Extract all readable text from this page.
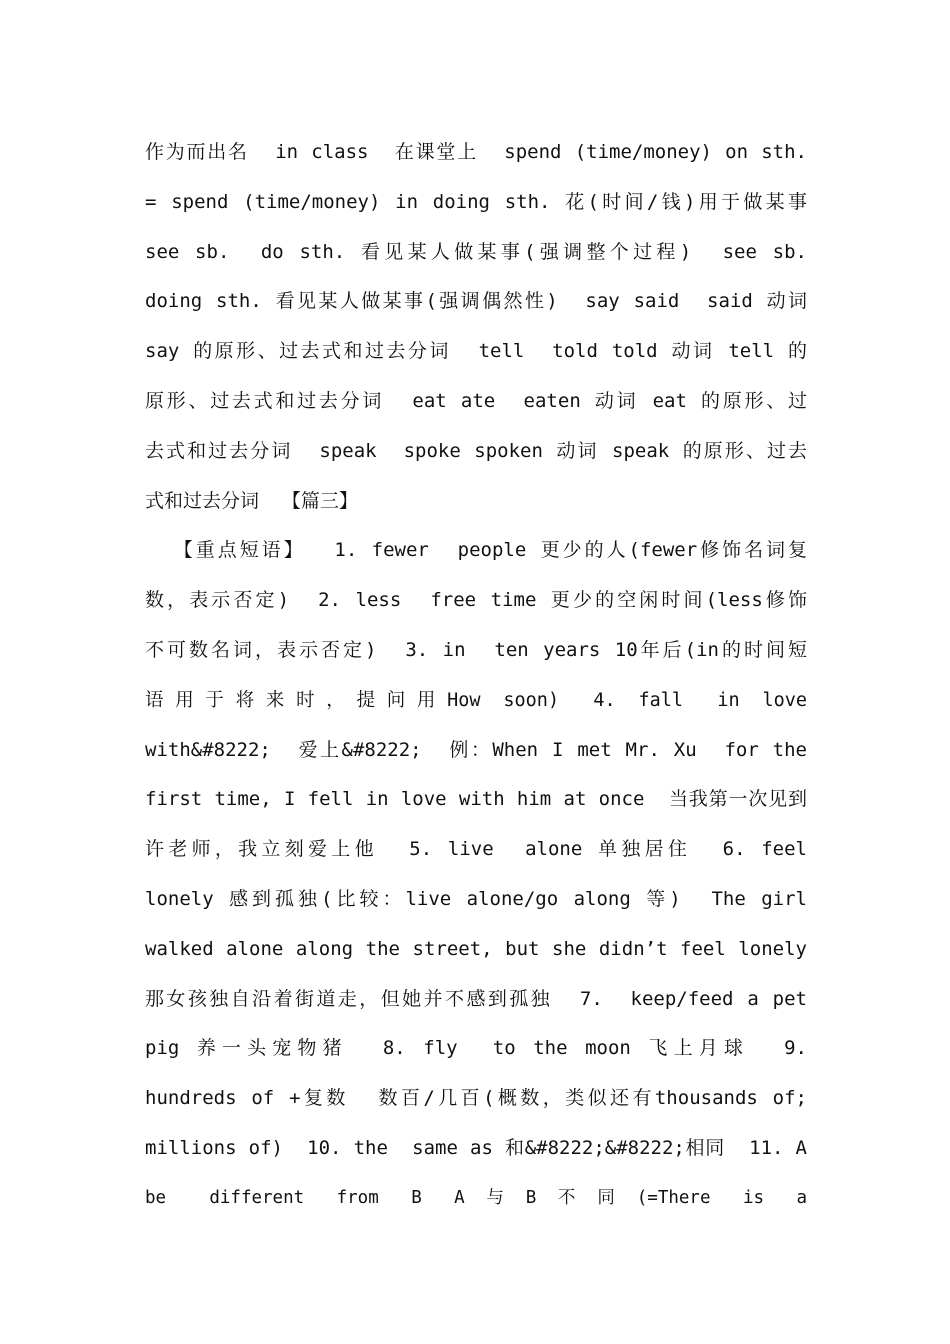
作为而出名  in class  在课堂上  spend (time/money) on sth.
= spend (time/money) in doing sth. 花(时间/钱)用于做某事
see sb.  do sth. 看见某人做某事(强调整个过程)  see sb.
doing sth. 看见某人做某事(强调偶然性)  say said  said 动词
say 的原形、过去式和过去分词  tell  told told 动词 tell 的
原形、过去式和过去分词  eat ate  eaten 动词 eat 的原形、过
去式和过去分词  speak  spoke spoken 动词 speak 的原形、过去
式和过去分词  【篇三】
【重点短语】  1. fewer  people 更少的人(fewer修饰名词复
数，表示否定)  2. less  free time 更少的空闲时间(less修饰
不可数名词，表示否定)  3. in  ten years 10年后(in的时间短
语 用 于 将 来 时 ， 提 问 用 How  soon)   4.  fall   in  love
with&#8222;  爱上&#8222;  例：When I met Mr. Xu  for the
first time, I fell in love with him at once  当我第一次见到
许老师，我立刻爱上他  5. live  alone 单独居住  6. feel
lonely 感到孤独(比较：live alone/go along 等)  The girl
walked alone along the street, but she didn’t feel lonely
那女孩独自沿着街道走，但她并不感到孤独  7.  keep/feed a pet
pig 养一头宠物猪  8. fly  to the moon 飞上月球  9.
hundreds of +复数  数百/几百(概数，类似还有thousands of;
millions of)  10. the  same as 和&#8222;&#8222;相同  11. A
be    different   from   B   A  与  B  不  同  (=There   is   a
